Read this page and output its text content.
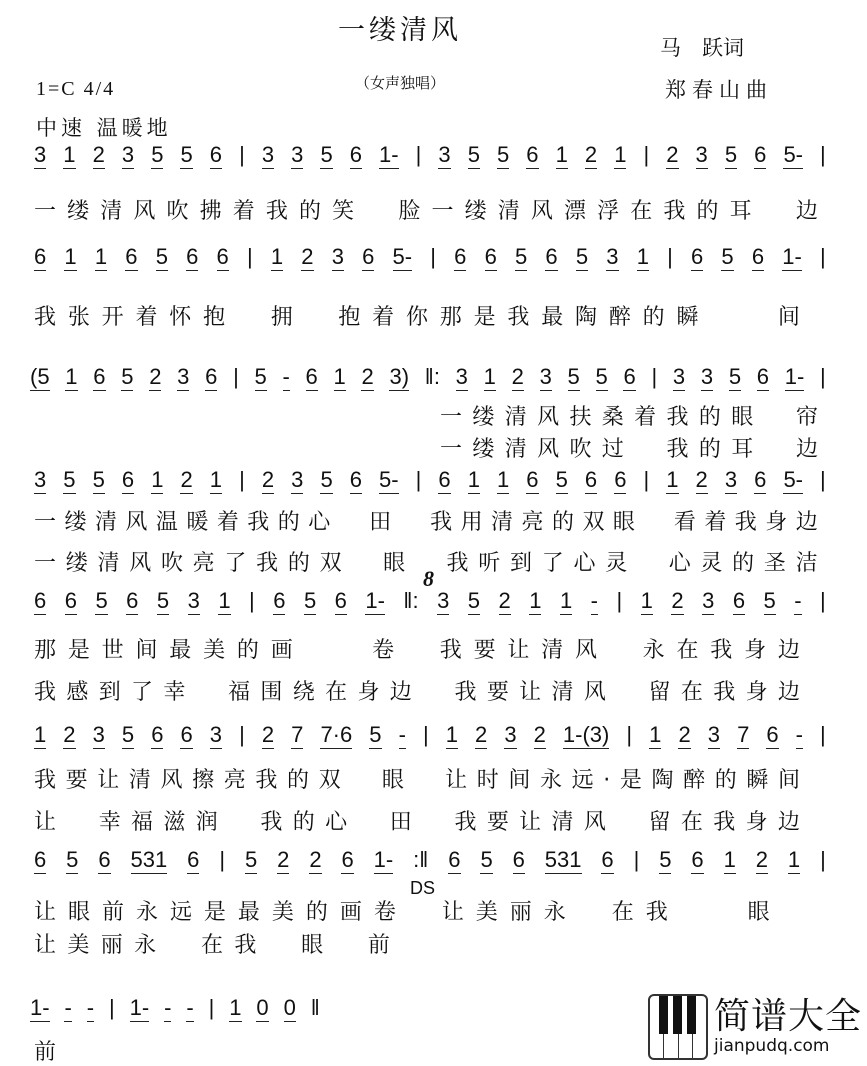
一缕清风
马　跃词
郑春山曲
1=C 4/4	（女声独唱）
中速 温暖地
3 1 2 3 5 5 6 | 3 3 5 6 1- | 3 5 5 6 1 2 1 | 2 3 5 6 5- |
6 1 1 6 5 6 6 | 1 2 3 6 5- | 6 6 5 6 5 3 1 | 6 5 6 1- |
(5 1 6 5 2 3 6 | 5 - 6 1 2 3) ‖: 3 1 2 3 5 5 6 | 3 3 5 6 1- |
3 5 5 6 1 2 1 | 2 3 5 6 5- | 6 1 1 6 5 6 6 | 1 2 3 6 5- |
6 6 5 6 5 3 1 | 6 5 6 1- ‖: 3 5 2 1 1 - | 1 2 3 6 5 - |
1 2 3 5 6 6 3 | 2 7 7·6 5 - | 1 2 3 2 1-(3) | 1 2 3 7 6 - |
6 5 6 531 6 | 5 2 2 6 1- :‖ 6 5 6 531 6 | 5 6 1 2 1 |
1- - - | 1- - - | 1 0 0 ‖
一 缕 清 风 吹 拂 着 我 的 笑
　 脸 一 缕 清 风 漂 浮 在 我 的 耳
　 边
我 张 开 着 怀 抱
　 拥
　 抱 着 你 那 是 我 最 陶 醉 的 瞬

　	间
一 缕 清 风 扶 桑 着 我 的 眼
　 帘
一 缕 清 风 吹 过
　 我 的 耳
　 边
一 缕 清 风 温 暖 着 我 的 心
　 田
　 我 用 清 亮 的 双 眼
　 看 着 我 身 边
一 缕 清 风 吹 亮 了 我 的 双
　 眼
　 我 听 到 了 心 灵
　 心 灵 的 圣 洁
那 是 世 间 最 美 的 画

　	卷
　 我 要 让 清 风
　 永 在 我 身 边
我 感 到 了 幸
　 福 围 绕 在 身 边
　 我 要 让 清 风
　 留 在 我 身 边
我 要 让 清 风 擦 亮 我 的 双
　 眼
　 让 时 间 永 远 · 是 陶 醉 的 瞬 间
让
　 幸 福 滋 润
　 我 的 心
　 田
　 我 要 让 清 风
　 留 在 我 身 边
让 眼 前 永 远 是 最 美 的 画 卷
　 让 美 丽 永
　 在 我

　	眼
让 美 丽 永
　 在 我
　 眼
　 前
前
8
DS
简谱大全
jianpudq.com
